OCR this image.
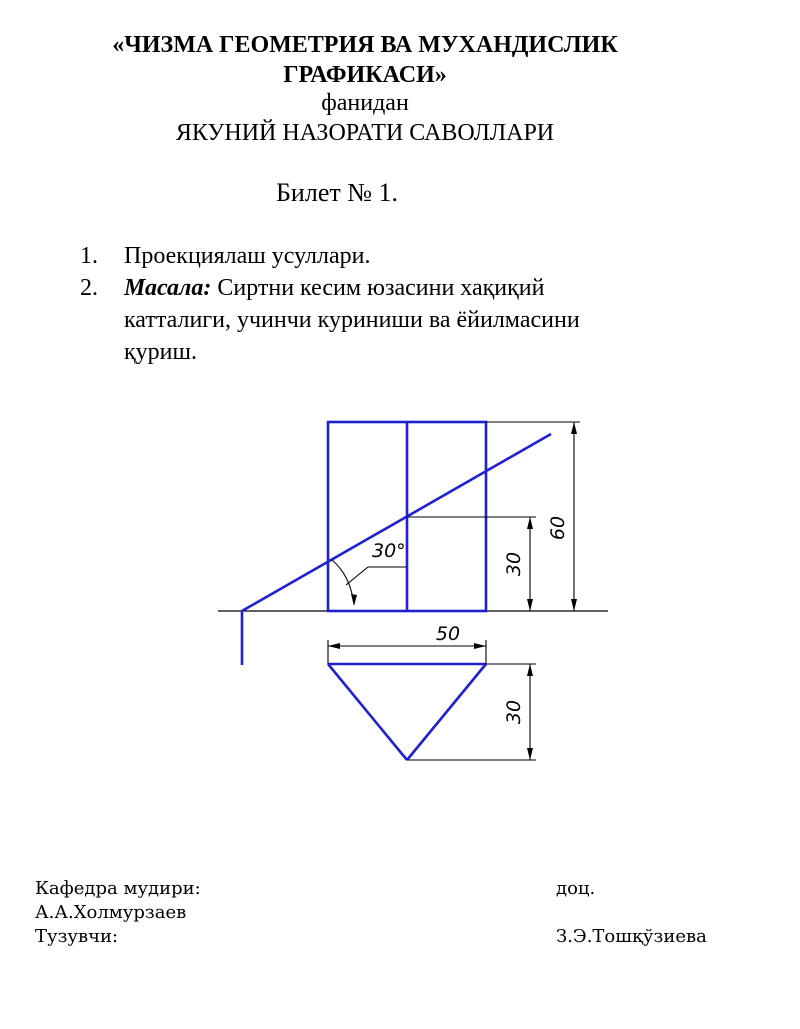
«ЧИЗМА ГЕОМЕТРИЯ ВА МУХАНДИСЛИК
ГРАФИКАСИ»
фанидан
ЯКУНИЙ НАЗОРАТИ САВОЛЛАРИ
Билет № 1.
1. Проекциялаш усуллари.
2. Масала: Сиртни кесим юзасини хақиқий
катталиги, учинчи куриниши ва ёйилмасини
қуриш.
60
30
50
30
30°
Кафедра мудири:	доц.
А.А.Холмурзаев
Тузувчи:	З.Э.Тошқўзиева
